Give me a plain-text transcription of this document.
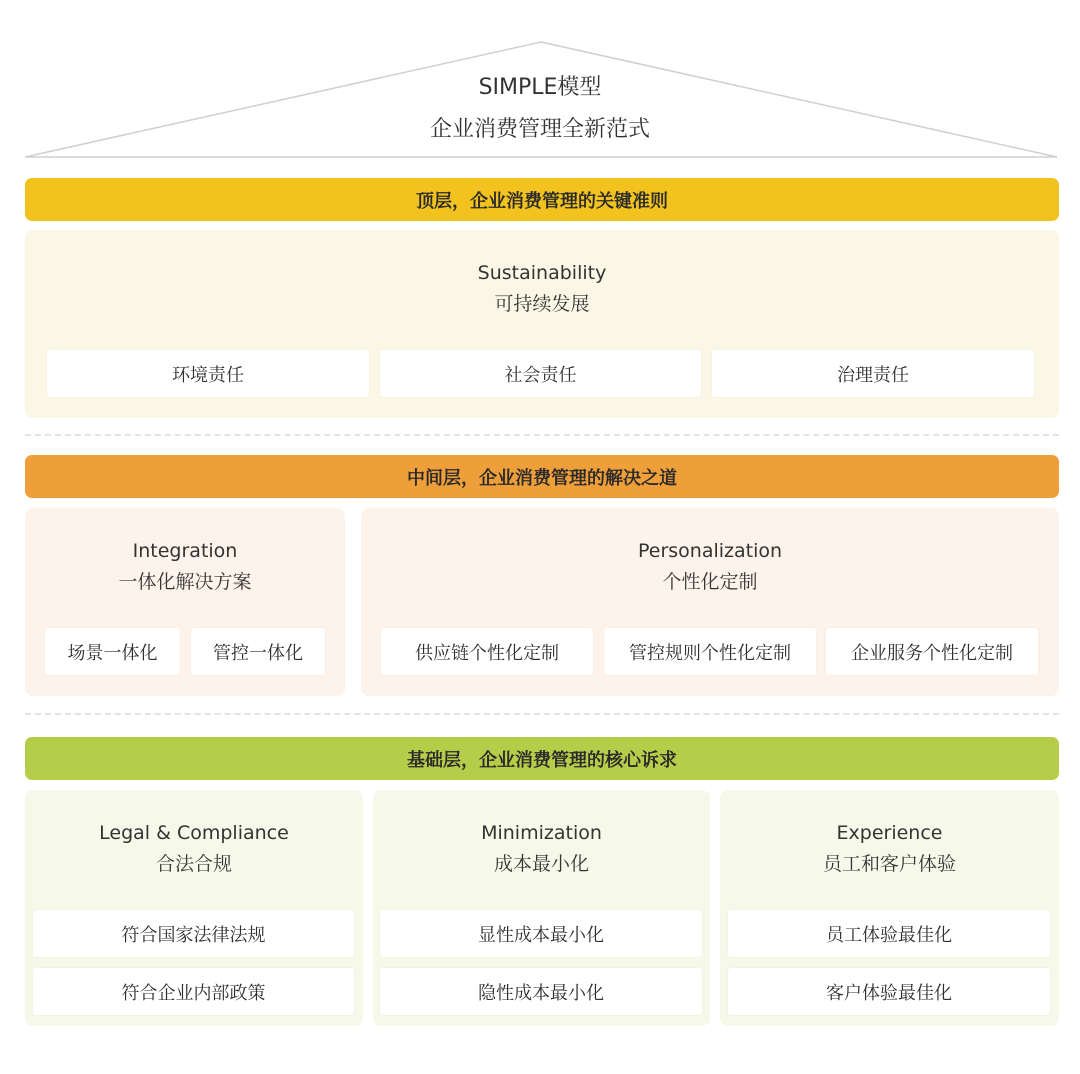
SIMPLE模型
企业消费管理全新范式
顶层，企业消费管理的关键准则
Sustainability
可持续发展
环境责任	社会责任	治理责任
中间层，企业消费管理的解决之道
Integration
一体化解决方案
场景一体化	管控一体化
Personalization
个性化定制
供应链个性化定制	管控规则个性化定制	企业服务个性化定制
基础层，企业消费管理的核心诉求
Legal & Compliance
合法合规
符合国家法律法规
符合企业内部政策
Minimization
成本最小化
显性成本最小化
隐性成本最小化
Experience
员工和客户体验
员工体验最佳化
客户体验最佳化
